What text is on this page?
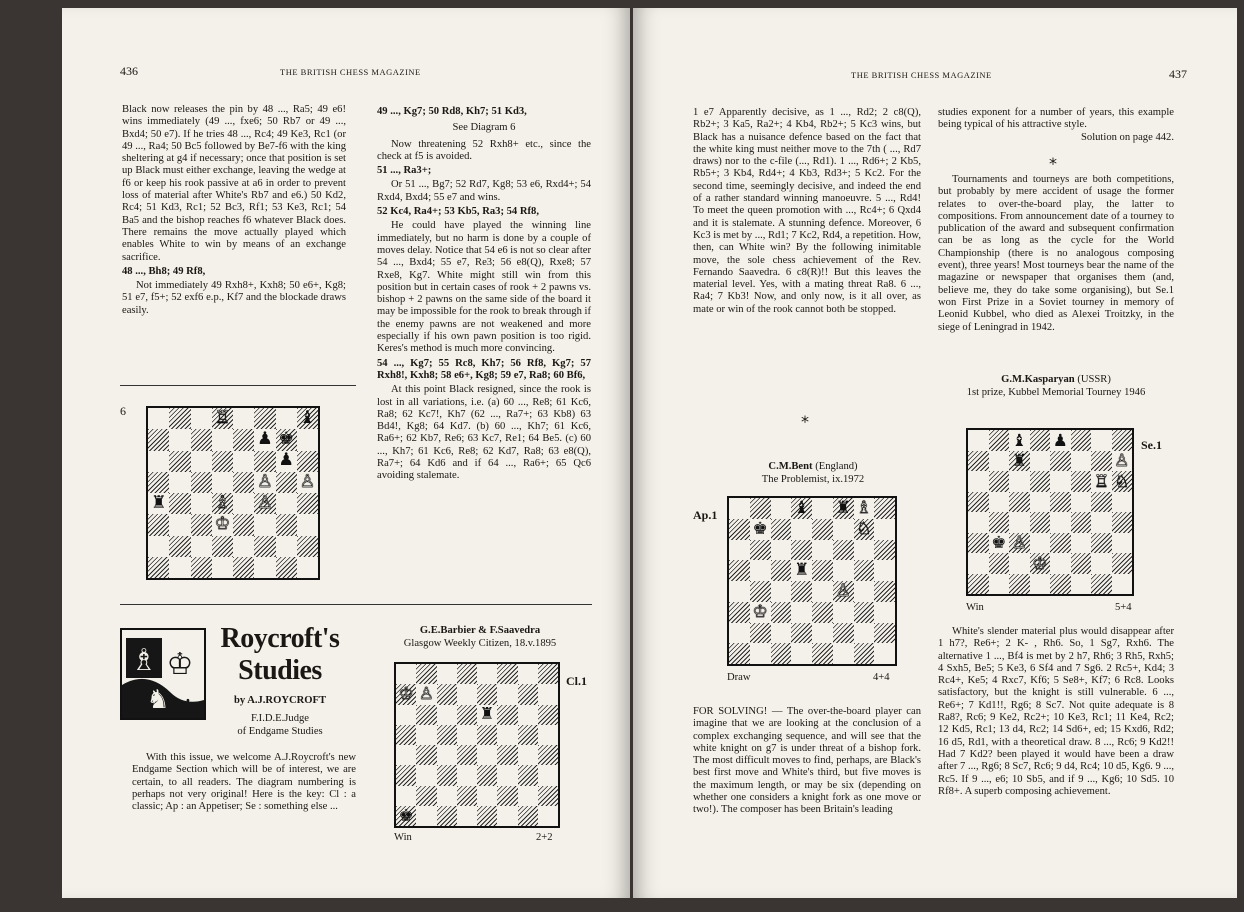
436	THE BRITISH CHESS MAGAZINE

Black now releases the pin by 48 ..., Ra5; 49 e6! wins immediately (49 ..., fxe6; 50 Rb7 or 49 ..., Bxd4; 50 e7). If he tries 48 ..., Rc4; 49 Ke3, Rc1 (or 49 ..., Ra4; 50 Bc5 followed by Be7-f6 with the king sheltering at g4 if necessary; once that position is set up Black must either exchange, leaving the wedge at f6 or keep his rook passive at a6 in order to prevent loss of material after White's Rb7 and e6.) 50 Kd2, Rc4; 51 Kd3, Rc1; 52 Bc3, Rf1; 53 Ke3, Rc1; 54 Ba5 and the bishop reaches f6 whatever Black does. There remains the move actually played which enables White to win by means of an exchange sacrifice.

48 ..., Bh8; 49 Rf8,

Not immediately 49 Rxh8+, Kxh8; 50 e6+, Kg8; 51 e7, f5+; 52 exf6 e.p., Kf7 and the blockade draws easily.

49 ..., Kg7; 50 Rd8, Kh7; 51 Kd3,

See Diagram 6

Now threatening 52 Rxh8+ etc., since the check at f5 is avoided.

51 ..., Ra3+;

Or 51 ..., Bg7; 52 Rd7, Kg8; 53 e6, Rxd4+; 54 Rxd4, Bxd4; 55 e7 and wins.

52 Kc4, Ra4+; 53 Kb5, Ra3; 54 Rf8,

He could have played the winning line immediately, but no harm is done by a couple of moves delay. Notice that 54 e6 is not so clear after 54 ..., Bxd4; 55 e7, Re3; 56 e8(Q), Rxe8; 57 Rxe8, Kg7. White might still win from this position but in certain cases of rook + 2 pawns vs. bishop + 2 pawns on the same side of the board it may be impossible for the rook to break through if the enemy pawns are not weakened and more especially if his own pawn position is too rigid. Keres's method is much more convincing.

54 ..., Kg7; 55 Rc8, Kh7; 56 Rf8, Kg7; 57 Rxh8!, Kxh8; 58 e6+, Kg8; 59 e7, Ra8; 60 Bf6,

At this point Black resigned, since the rook is lost in all variations, i.e. (a) 60 ..., Re8; 61 Kc6, Ra8; 62 Kc7!, Kh7 (62 ..., Ra7+; 63 Kb8) 63 Bd4!, Kg8; 64 Kd7. (b) 60 ..., Kh7; 61 Kc6, Ra6+; 62 Kb7, Re6; 63 Kc7, Re1; 64 Be5. (c) 60 ..., Kh7; 61 Kc6, Re8; 62 Kd7, Ra8; 63 e8(Q), Ra7+; 64 Kd6 and if 64 ..., Ra6+; 65 Qc6 avoiding stalemate.

6	♖	♝
♟ ♚
♟
♙ ♙
♜	♗ ♙
♔
♗ ♔
♞ ♟
Roycroft's
Studies
by A.J.ROYCROFT
F.I.D.E.Judge
of Endgame Studies

With this issue, we welcome A.J.Roycroft's new Endgame Section which will be of interest, we are certain, to all readers. The diagram numbering is perhaps not very original! Here is the key: Cl : a classic; Ap : an Appetiser; Se : something else ...

G.E.Barbier & F.Saavedra
Glasgow Weekly Citizen, 18.v.1895
♔ ♙
♜
♚
Cl.1
Win	2+2
THE BRITISH CHESS MAGAZINE	437

1 e7 Apparently decisive, as 1 ..., Rd2; 2 c8(Q), Rb2+; 3 Ka5, Ra2+; 4 Kb4, Rb2+; 5 Kc3 wins, but Black has a nuisance defence based on the fact that the white king must neither move to the 7th ( ..., Rd7 draws) nor to the c-file (..., Rd1). 1 ..., Rd6+; 2 Kb5, Rb5+; 3 Kb4, Rd4+; 4 Kb3, Rd3+; 5 Kc2. For the second time, seemingly decisive, and indeed the end of a rather standard winning manoeuvre. 5 ..., Rd4! To meet the queen promotion with ..., Rc4+; 6 Qxd4 and it is stalemate. A stunning defence. Moreover, 6 Kc3 is met by ..., Rd1; 7 Kc2, Rd4, a repetition. How, then, can White win? By the following inimitable move, the sole chess achievement of the Rev. Fernando Saavedra. 6 c8(R)!! But this leaves the material level. Yes, with a mating threat Ra8. 6 ..., Ra4; 7 Kb3! Now, and only now, is it all over, as mate or win of the rook cannot both be stopped.

*
C.M.Bent (England)
The Problemist, ix.1972
Ap.1	♝ ♜ ♗
♚	♘
♜
♙
♔
Draw	4+4

FOR SOLVING! — The over-the-board player can imagine that we are looking at the conclusion of a complex exchanging sequence, and will see that the white knight on g7 is under threat of a bishop fork. The most difficult moves to find, perhaps, are Black's best first move and White's third, but five moves is the maximum length, or may be six (depending on whether one considers a knight fork as one move or two!). The composer has been Britain's leading

studies exponent for a number of years, this example being typical of his attractive style.

Solution on page 442.

*

Tournaments and tourneys are both competitions, but probably by mere accident of usage the former relates to over-the-board play, the latter to compositions. From announcement date of a tourney to publication of the award and subsequent confirmation can be as long as the cycle for the World Championship (there is no analogous composing event), three years! Most tourneys bear the name of the magazine or newspaper that organises them (and, believe me, they do take some organising), but Se.1 won First Prize in a Soviet tourney in memory of Leonid Kubbel, who died as Alexei Troitzky, in the siege of Leningrad in 1942.

G.M.Kasparyan (USSR)
1st prize, Kubbel Memorial Tourney 1946
♝ ♟
♜	♙
♖ ♘
♚ ♙
♔
Se.1
Win	5+4

White's slender material plus would disappear after 1 h7?, Re6+; 2 K- , Rh6. So, 1 Sg7, Rxh6. The alternative 1 ..., Bf4 is met by 2 h7, Rh6; 3 Rh5, Rxh5; 4 Sxh5, Be5; 5 Ke3, 6 Sf4 and 7 Sg6. 2 Rc5+, Kd4; 3 Rc4+, Ke5; 4 Rxc7, Kf6; 5 Se8+, Kf7; 6 Rc8. Looks satisfactory, but the knight is still vulnerable. 6 ..., Re6+; 7 Kd1!!, Rg6; 8 Sc7. Not quite adequate is 8 Ra8?, Rc6; 9 Ke2, Rc2+; 10 Ke3, Rc1; 11 Ke4, Rc2; 12 Kd5, Rc1; 13 d4, Rc2; 14 Sd6+, ed; 15 Kxd6, Rd2; 16 d5, Rd1, with a theoretical draw. 8 ..., Rc6; 9 Kd2!! Had 7 Kd2? been played it would have been a draw after 7 ..., Rg6; 8 Sc7, Rc6; 9 d4, Rc4; 10 d5, Kg6. 9 ..., Rc5. If 9 ..., e6; 10 Sb5, and if 9 ..., Kg6; 10 Sd5. 10 Rf8+. A superb composing achievement.
